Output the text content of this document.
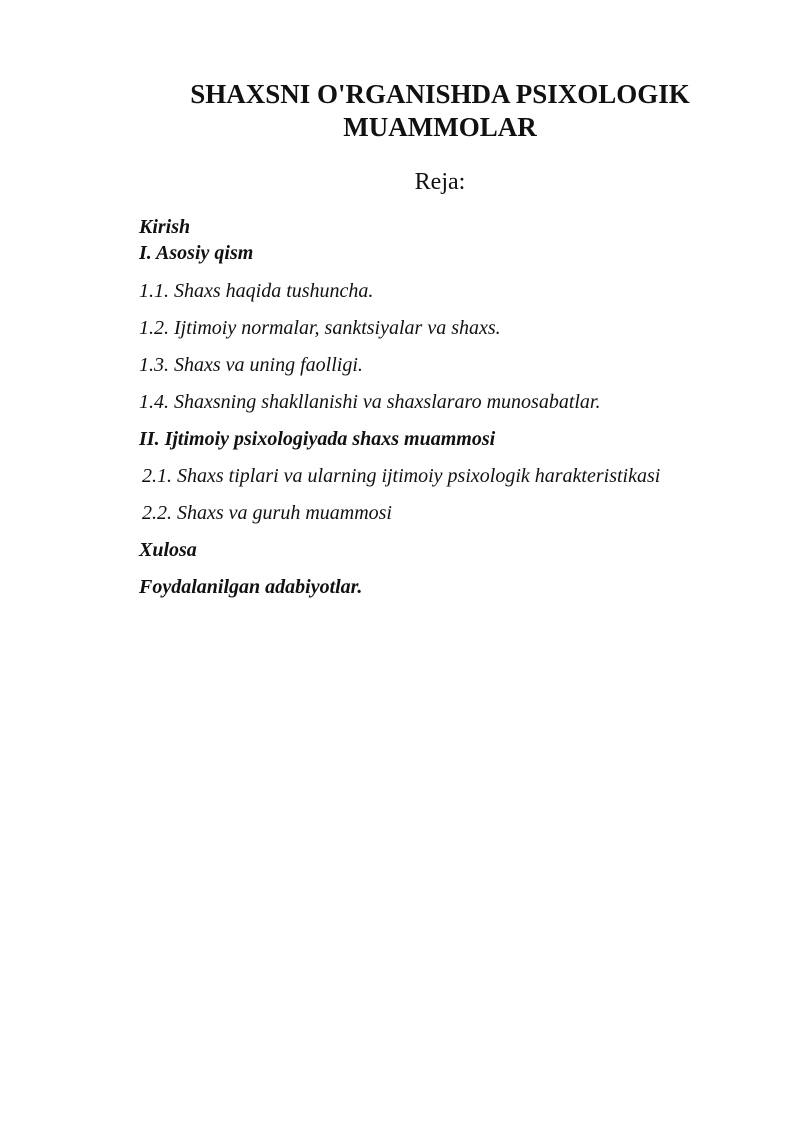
SHAXSNI O'RGANISHDA PSIXOLOGIK
MUAMMOLAR
Reja:
Kirish
I. Asosiy qism
1.1. Shaxs haqida tushuncha.
1.2. Ijtimoiy normalar, sanktsiyalar va shaxs.
1.3. Shaxs va uning faolligi.
1.4. Shaxsning shakllanishi va shaxslararo munosabatlar.
II. Ijtimoiy psixologiyada shaxs muammosi
2.1. Shaxs tiplari va ularning ijtimoiy psixologik harakteristikasi
2.2. Shaxs va guruh muammosi
Xulosa
Foydalanilgan adabiyotlar.
